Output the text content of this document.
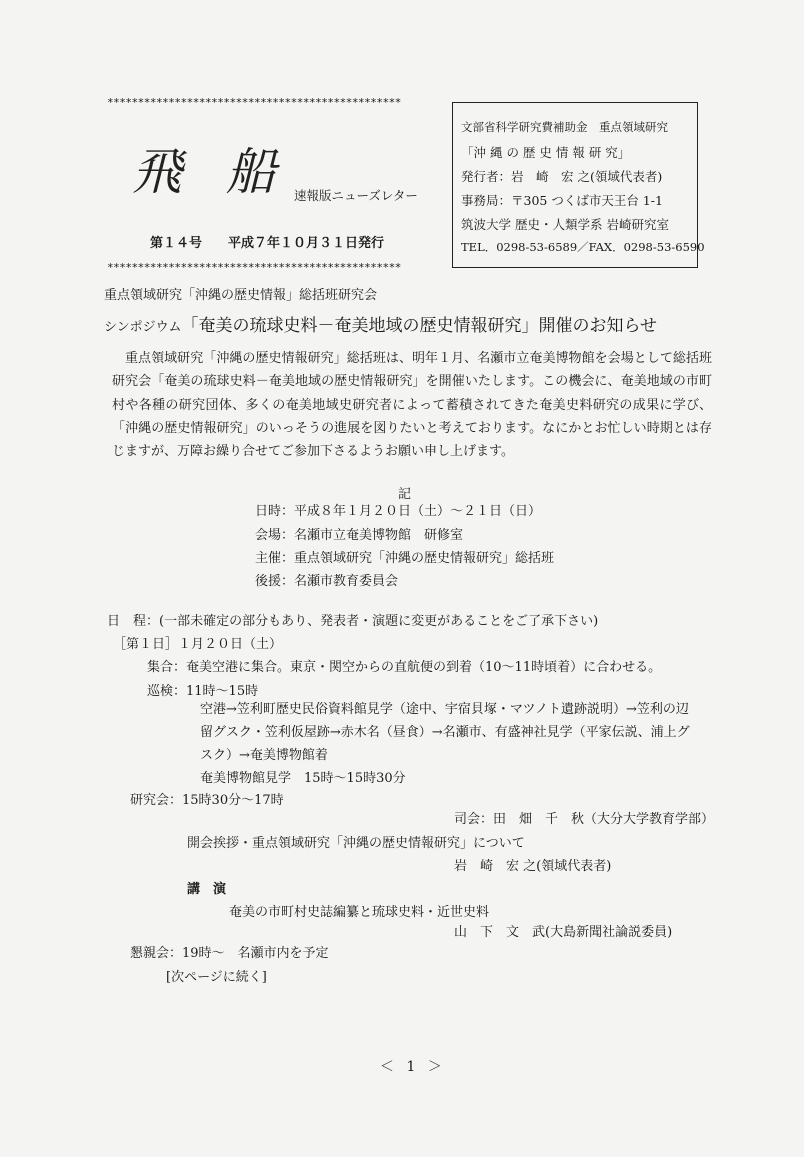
************************************************
飛 船 速報版ニューズレター
第１４号　　平成７年１０月３１日発行
************************************************
文部省科学研究費補助金　重点領域研究
「沖 縄 の 歴 史 情 報 研 究」
発行者：岩　崎　宏 之(領域代表者)
事務局：〒305 つくば市天王台 1-1
筑波大学 歴史・人類学系 岩崎研究室
TEL．0298-53-6589／FAX．0298-53-6590
重点領域研究「沖縄の歴史情報」総括班研究会
シンポジウム「奄美の琉球史料－奄美地域の歴史情報研究」開催のお知らせ
重点領域研究「沖縄の歴史情報研究」総括班は、明年１月、名瀬市立奄美博物館を会場として総括班研究会「奄美の琉球史料－奄美地域の歴史情報研究」を開催いたします。この機会に、奄美地域の市町村や各種の研究団体、多くの奄美地域史研究者によって蓄積されてきた奄美史料研究の成果に学び、「沖縄の歴史情報研究」のいっそうの進展を図りたいと考えております。なにかとお忙しい時期とは存じますが、万障お繰り合せてご参加下さるようお願い申し上げます。
記
日時：平成８年１月２０日（土）～２１日（日）
会場：名瀬市立奄美博物館　研修室
主催：重点領域研究「沖縄の歴史情報研究」総括班
後援：名瀬市教育委員会
日　程：(一部未確定の部分もあり、発表者・演題に変更があることをご了承下さい)
［第１日］１月２０日（土）
集合：奄美空港に集合。東京・関空からの直航便の到着（10～11時頃着）に合わせる。
巡検：11時～15時
空港→笠利町歴史民俗資料館見学（途中、宇宿貝塚・マツノト遺跡説明）→笠利の辺
留グスク・笠利仮屋跡→赤木名（昼食）→名瀬市、有盛神社見学（平家伝説、浦上グ
スク）→奄美博物館着
奄美博物館見学　15時～15時30分
研究会：15時30分～17時
司会：田　畑　千　秋（大分大学教育学部）
開会挨拶・重点領域研究「沖縄の歴史情報研究」について
岩　崎　宏 之(領域代表者)
講　演
奄美の市町村史誌編纂と琉球史料・近世史料
山　下　文　武(大島新聞社論説委員)
懇親会：19時～　名瀬市内を予定
[次ページに続く]
＜ 1 ＞
